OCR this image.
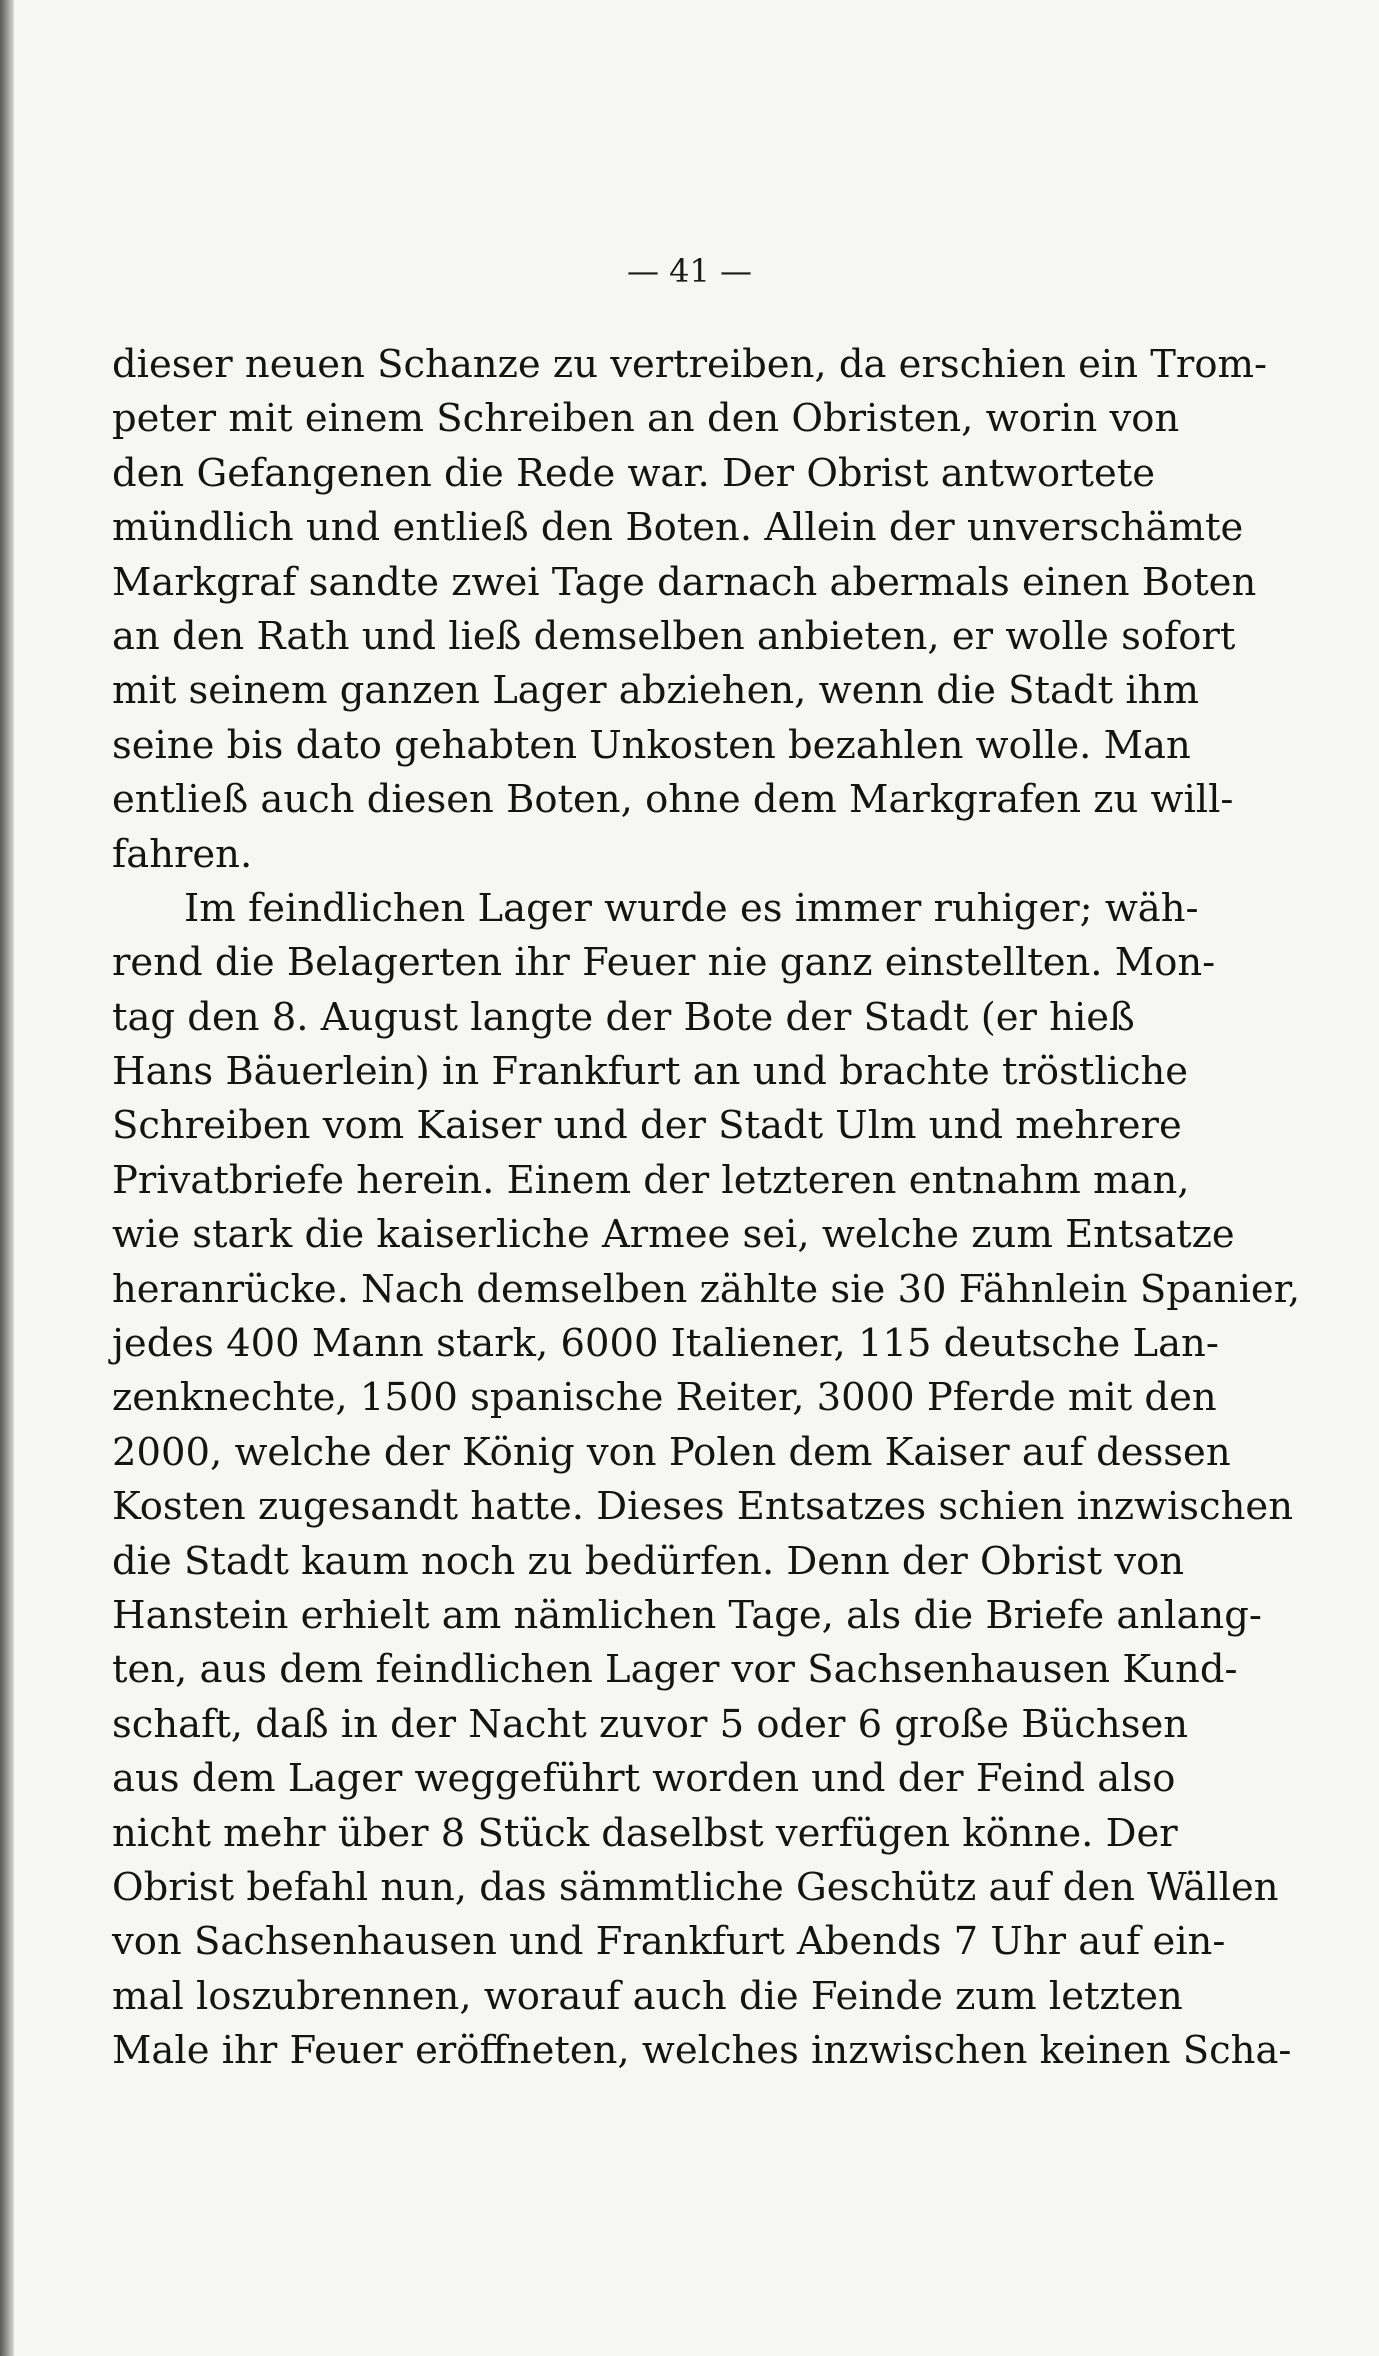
— 41 —
dieser neuen Schanze zu vertreiben, da erschien ein Trom-
peter mit einem Schreiben an den Obristen, worin von
den Gefangenen die Rede war. Der Obrist antwortete
mündlich und entließ den Boten. Allein der unverschämte
Markgraf sandte zwei Tage darnach abermals einen Boten
an den Rath und ließ demselben anbieten, er wolle sofort
mit seinem ganzen Lager abziehen, wenn die Stadt ihm
seine bis dato gehabten Unkosten bezahlen wolle. Man
entließ auch diesen Boten, ohne dem Markgrafen zu will-
fahren.
Im feindlichen Lager wurde es immer ruhiger; wäh-
rend die Belagerten ihr Feuer nie ganz einstellten. Mon-
tag den 8. August langte der Bote der Stadt (er hieß
Hans Bäuerlein) in Frankfurt an und brachte tröstliche
Schreiben vom Kaiser und der Stadt Ulm und mehrere
Privatbriefe herein. Einem der letzteren entnahm man,
wie stark die kaiserliche Armee sei, welche zum Entsatze
heranrücke. Nach demselben zählte sie 30 Fähnlein Spanier,
jedes 400 Mann stark, 6000 Italiener, 115 deutsche Lan-
zenknechte, 1500 spanische Reiter, 3000 Pferde mit den
2000, welche der König von Polen dem Kaiser auf dessen
Kosten zugesandt hatte. Dieses Entsatzes schien inzwischen
die Stadt kaum noch zu bedürfen. Denn der Obrist von
Hanstein erhielt am nämlichen Tage, als die Briefe anlang-
ten, aus dem feindlichen Lager vor Sachsenhausen Kund-
schaft, daß in der Nacht zuvor 5 oder 6 große Büchsen
aus dem Lager weggeführt worden und der Feind also
nicht mehr über 8 Stück daselbst verfügen könne. Der
Obrist befahl nun, das sämmtliche Geschütz auf den Wällen
von Sachsenhausen und Frankfurt Abends 7 Uhr auf ein-
mal loszubrennen, worauf auch die Feinde zum letzten
Male ihr Feuer eröffneten, welches inzwischen keinen Scha-
